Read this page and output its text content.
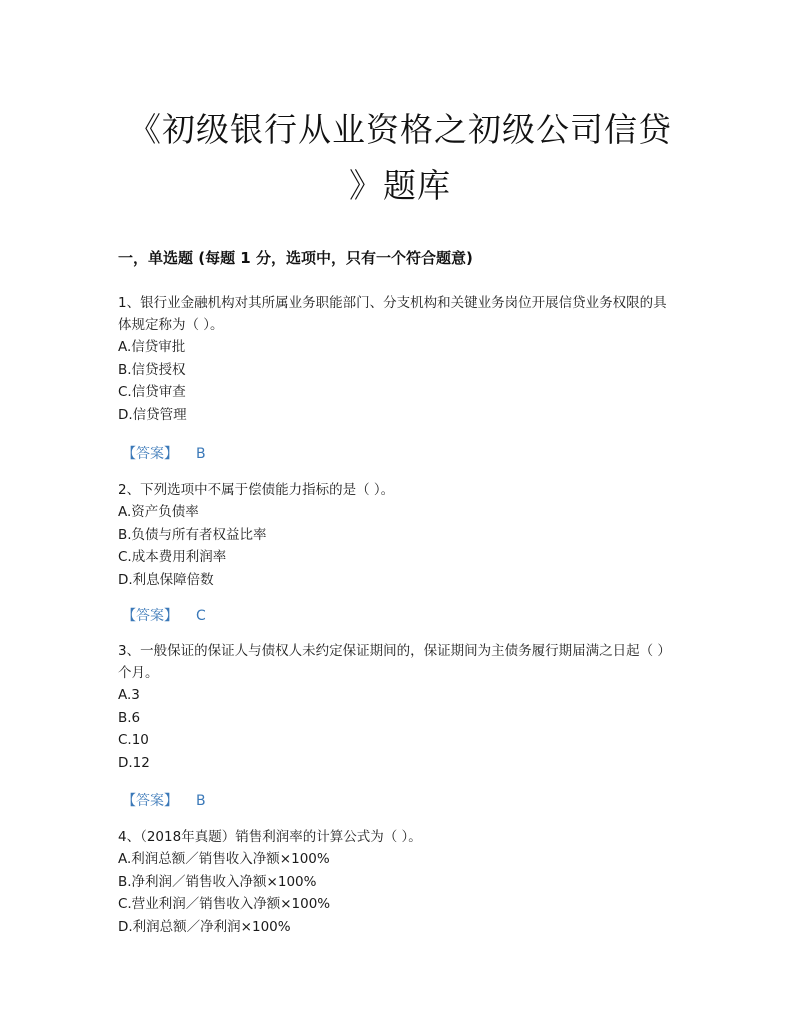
《初级银行从业资格之初级公司信贷
》题库
一，单选题 (每题 1 分，选项中，只有一个符合题意)
1、银行业金融机构对其所属业务职能部门、分支机构和关键业务岗位开展信贷业务权限的具体规定称为（ ）。
A.信贷审批
B.信贷授权
C.信贷审查
D.信贷管理
【答案】 B
2、下列选项中不属于偿债能力指标的是（ ）。
A.资产负债率
B.负债与所有者权益比率
C.成本费用利润率
D.利息保障倍数
【答案】 C
3、一般保证的保证人与债权人未约定保证期间的，保证期间为主债务履行期届满之日起（ ）个月。
A.3
B.6
C.10
D.12
【答案】 B
4、（2018年真题）销售利润率的计算公式为（ ）。
A.利润总额／销售收入净额×100%
B.净利润／销售收入净额×100%
C.营业利润／销售收入净额×100%
D.利润总额／净利润×100%
